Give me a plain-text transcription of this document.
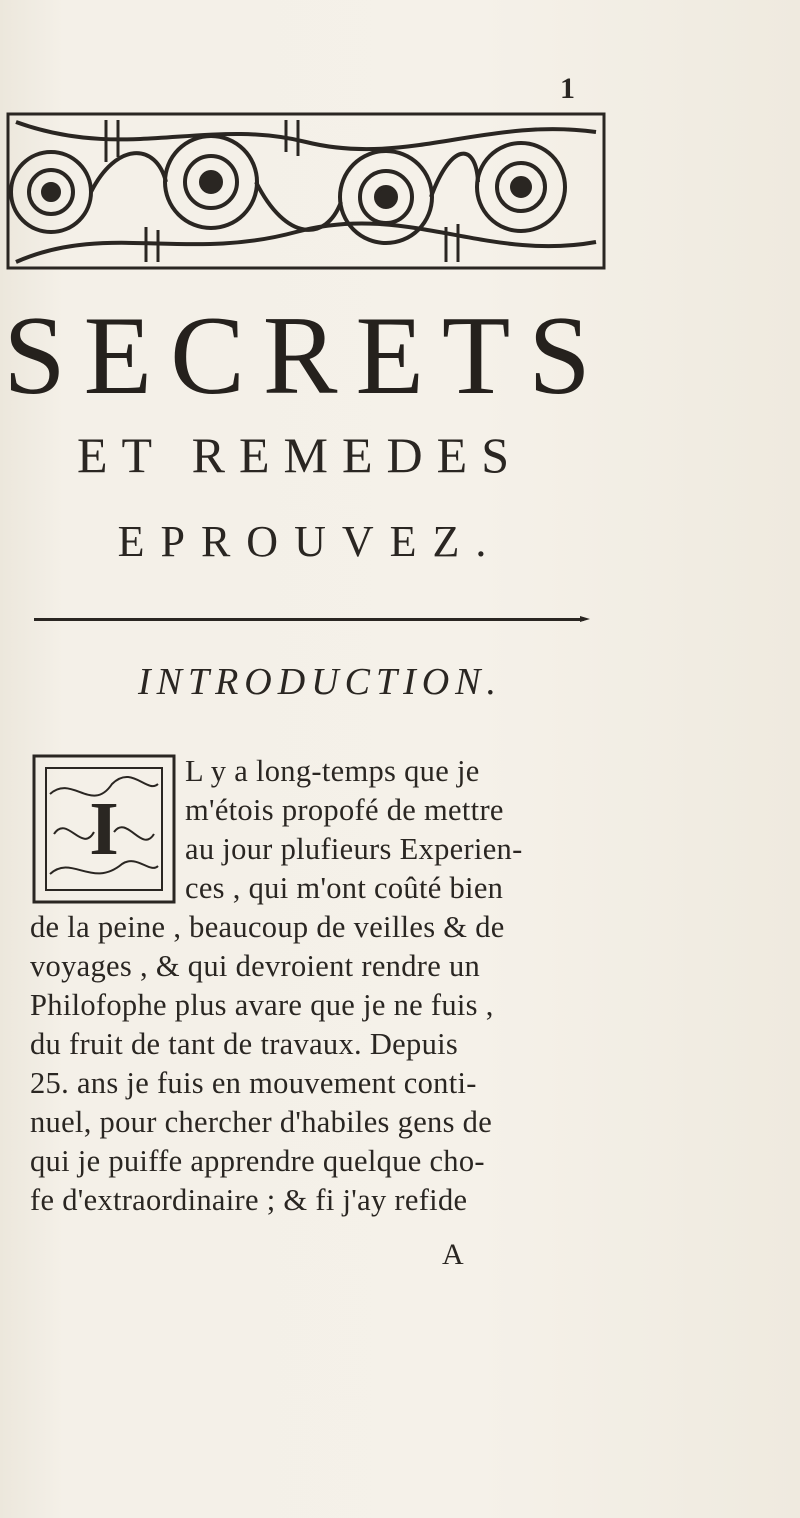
1
SECRETS
ET REMEDES
EPROUVEZ.
INTRODUCTION.
I
L y a long-temps que je
m'étois propofé de mettre
au jour plufieurs Experien-
ces , qui m'ont coûté bien
de la peine , beaucoup de veilles & de
voyages , & qui devroient rendre un
Philofophe plus avare que je ne fuis ,
du fruit de tant de travaux. Depuis
25. ans je fuis en mouvement conti-
nuel, pour chercher d'habiles gens de
qui je puiffe apprendre quelque cho-
fe d'extraordinaire ; & fi j'ay refide
A
